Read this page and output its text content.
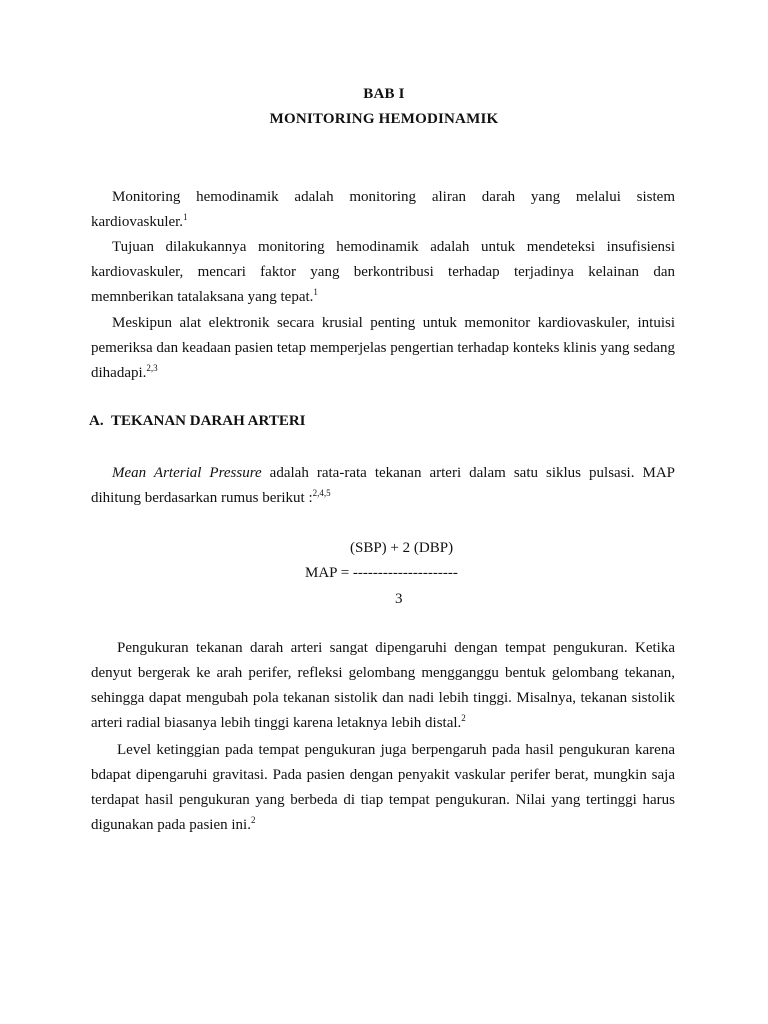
BAB I
MONITORING HEMODINAMIK

Monitoring hemodinamik adalah monitoring aliran darah yang melalui sistem kardiovaskuler.$^1$

Tujuan dilakukannya monitoring hemodinamik adalah untuk mendeteksi insufisiensi kardiovaskuler, mencari faktor yang berkontribusi terhadap terjadinya kelainan dan memnberikan tatalaksana yang tepat.$^1$

Meskipun alat elektronik secara krusial penting untuk memonitor kardiovaskuler, intuisi pemeriksa dan keadaan pasien tetap memperjelas pengertian terhadap konteks klinis yang sedang dihadapi.$^{2,3}$

A. TEKANAN DARAH ARTERI

Mean Arterial Pressure adalah rata-rata tekanan arteri dalam satu siklus pulsasi. MAP dihitung berdasarkan rumus berikut :$^{2,4,5}$

(SBP) + 2 (DBP)
MAP = ---------------------
3

Pengukuran tekanan darah arteri sangat dipengaruhi dengan tempat pengukuran. Ketika denyut bergerak ke arah perifer, refleksi gelombang mengganggu bentuk gelombang tekanan, sehingga dapat mengubah pola tekanan sistolik dan nadi lebih tinggi. Misalnya, tekanan sistolik arteri radial biasanya lebih tinggi karena letaknya lebih distal.$^2$

Level ketinggian pada tempat pengukuran juga berpengaruh pada hasil pengukuran karena bdapat dipengaruhi gravitasi. Pada pasien dengan penyakit vaskular perifer berat, mungkin saja terdapat hasil pengukuran yang berbeda di tiap tempat pengukuran. Nilai yang tertinggi harus digunakan pada pasien ini.$^2$
